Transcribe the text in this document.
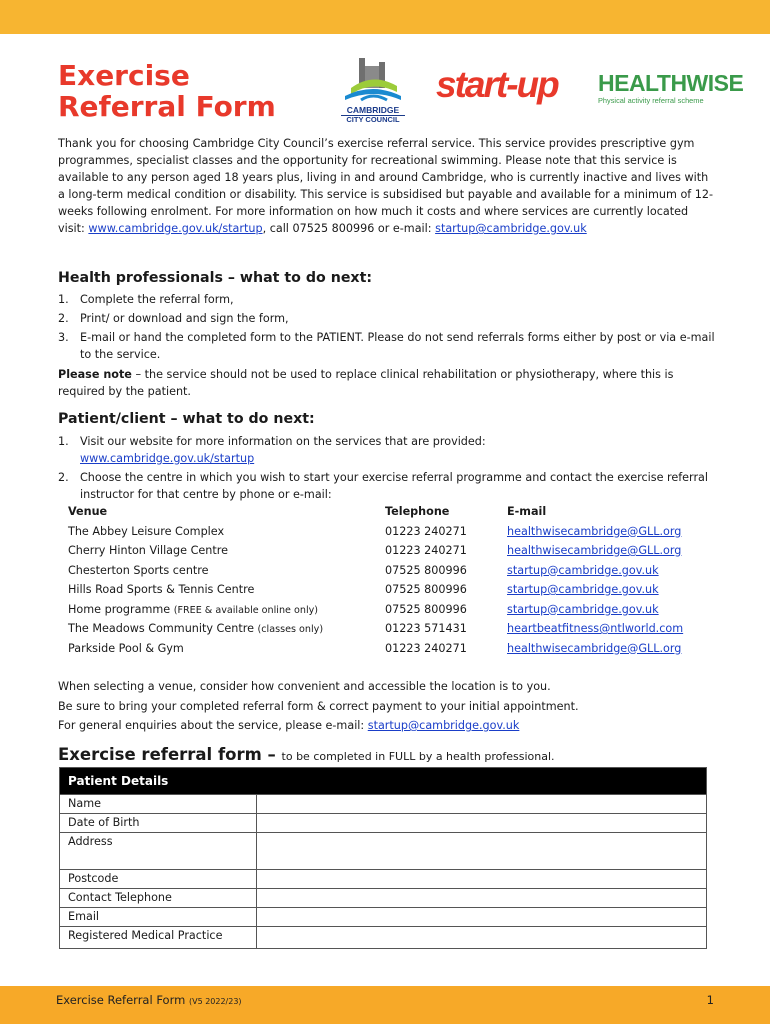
Exercise
Referral Form	CAMBRIDGE
CITY COUNCIL
start-up HEALTHWISE
Physical activity referral scheme
Thank you for choosing Cambridge City Council’s exercise referral service. This service provides prescriptive gym programmes, specialist classes and the opportunity for recreational swimming. Please note that this service is available to any person aged 18 years plus, living in and around Cambridge, who is currently inactive and lives with a long-term medical condition or disability. This service is subsidised but payable and available for a minimum of 12-weeks following enrolment. For more information on how much it costs and where services are currently located visit: www.cambridge.gov.uk/startup, call 07525 800996 or e-mail: startup@cambridge.gov.uk
Health professionals – what to do next:
1.	Complete the referral form,
2.	Print/ or download and sign the form,
3.	E-mail or hand the completed form to the PATIENT. Please do not send referrals forms either by post or via e-mail to the service.
Please note – the service should not be used to replace clinical rehabilitation or physiotherapy, where this is required by the patient.
Patient/client – what to do next:
1.	Visit our website for more information on the services that are provided:
www.cambridge.gov.uk/startup
2.	Choose the centre in which you wish to start your exercise referral programme and contact the exercise referral instructor for that centre by phone or e-mail:
Venue	Telephone	E-mail
The Abbey Leisure Complex	01223 240271	healthwisecambridge@GLL.org
Cherry Hinton Village Centre	01223 240271	healthwisecambridge@GLL.org
Chesterton Sports centre	07525 800996	startup@cambridge.gov.uk
Hills Road Sports & Tennis Centre	07525 800996	startup@cambridge.gov.uk
Home programme (FREE & available online only)	07525 800996	startup@cambridge.gov.uk
The Meadows Community Centre (classes only)	01223 571431	heartbeatfitness@ntlworld.com
Parkside Pool & Gym	01223 240271	healthwisecambridge@GLL.org
When selecting a venue, consider how convenient and accessible the location is to you.
Be sure to bring your completed referral form & correct payment to your initial appointment.
For general enquiries about the service, please e-mail: startup@cambridge.gov.uk
Exercise referral form – to be completed in FULL by a health professional.
Patient Details
Name
Date of Birth
Address
Postcode
Contact Telephone
Email
Registered Medical Practice
Exercise Referral Form (V5 2022/23)	1
